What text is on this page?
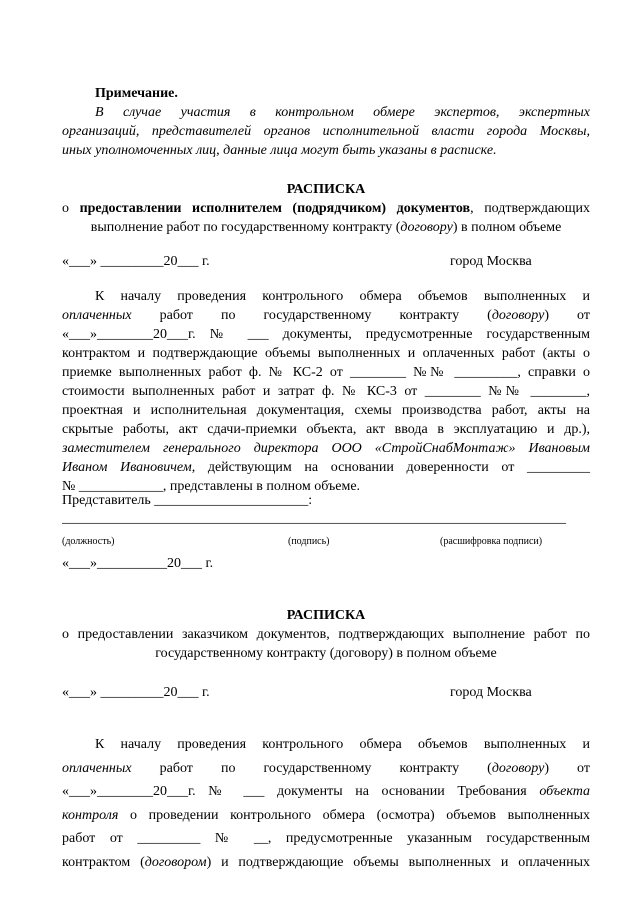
Примечание.
В случае участия в контрольном обмере экспертов, экспертных
организаций, представителей органов исполнительной власти города Москвы,
иных уполномоченных лиц, данные лица могут быть указаны в расписке.
РАСПИСКА
о предоставлении исполнителем (подрядчиком) документов, подтверждающих
выполнение работ по государственному контракту (договору) в полном объеме
«___» _________20___ г.	город Москва
К началу проведения контрольного обмера объемов выполненных и
оплаченных работ по государственному контракту (договору) от
«___»________20___г. № ___ документы, предусмотренные государственным
контрактом и подтверждающие объемы выполненных и оплаченных работ (акты о
приемке выполненных работ ф. № КС-2 от ________ №№ _________, справки о
стоимости выполненных работ и затрат ф. № КС-3 от ________ №№ ________,
проектная и исполнительная документация, схемы производства работ, акты на
скрытые работы, акт сдачи-приемки объекта, акт ввода в эксплуатацию и др.),
заместителем генерального директора ООО «СтройСнабМонтаж» Ивановым
Иваном Ивановичем, действующим на основании доверенности от _________
№ ____________, представлены в полном объеме.
Представитель ______________________:
________________________________________________________________________
(должность)	(подпись)	(расшифровка подписи)
«___»__________20___ г.
РАСПИСКА
о предоставлении заказчиком документов, подтверждающих выполнение работ по
государственному контракту (договору) в полном объеме
«___» _________20___ г.	город Москва
К началу проведения контрольного обмера объемов выполненных и
оплаченных работ по государственному контракту (договору) от
«___»________20___г. № ___ документы на основании Требования объекта
контроля о проведении контрольного обмера (осмотра) объемов выполненных
работ от _________ № __, предусмотренные указанным государственным
контрактом (договором) и подтверждающие объемы выполненных и оплаченных
